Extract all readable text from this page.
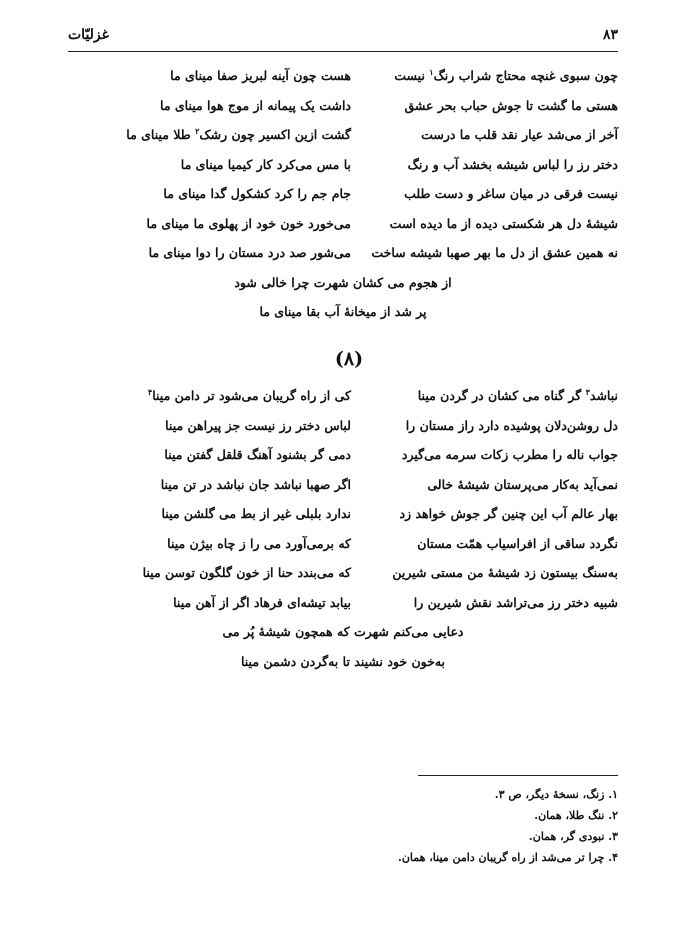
۸۳
غزلیّات
چون سبوی غنچه محتاج شراب رنگ$^۱$ نیست
هست چون آینه لبریز صفا مینای ما
هستی ما گشت تا جوش حباب بحر عشق
داشت یک پیمانه از موج هوا مینای ما
آخر از می‌شد عیار نقد قلب ما درست
گشت ازین اکسیر چون رشک$^۲$ طلا مینای ما
دختر رز را لباس شیشه بخشد آب و رنگ
با مس می‌کرد کار کیمیا مینای ما
نیست فرقی در میان ساغر و دست طلب
جام جم را کرد کشکول گدا مینای ما
شیشهٔ دل هر شکستی دیده از ما دیده است
می‌خورد خون خود از پهلوی ما مینای ما
نه همین عشق از دل ما بهر صهبا شیشه ساخت
می‌شور صد درد مستان را دوا مینای ما
از هجوم می کشان شهرت چرا خالی شود
پر شد از میخانهٔ آب بقا مینای ما
(۸)
نباشد$^۳$ گر گناه می کشان در گردن مینا
کی از راه گریبان می‌شود تر دامن مینا$^۴$
دل روشن‌دلان پوشیده دارد راز مستان را
لباس دختر رز نیست جز پیراهن مینا
جواب ناله را مطرب زکات سرمه می‌گیرد
دمی گر بشنود آهنگ قلقل گفتن مینا
نمی‌آید به‌کار می‌پرستان شیشهٔ خالی
اگر صهبا نباشد جان نباشد در تن مینا
بهار عالم آب این چنین گر جوش خواهد زد
ندارد بلبلی غیر از بط می گلشن مینا
نگردد ساقی از افراسیاب همّت مستان
که برمی‌آورد می را ز چاه بیژن مینا
به‌سنگ بیستون زد شیشهٔ من مستی شیرین
که می‌بندد حنا از خون گلگون توسن مینا
شبیه دختر رز می‌تراشد نقش شیرین را
بیابد تیشه‌ای فرهاد اگر از آهن مینا
دعایی می‌کنم شهرت که همچون شیشهٔ پُر می
به‌خون خود نشیند تا به‌گردن دشمن مینا
۱. زنگ، نسخهٔ دیگر، ص ۳.
۲. ننگ طلا، همان.
۳. نبودی گر، همان.
۴. چرا تر می‌شد از راه گریبان دامن مینا، همان.
